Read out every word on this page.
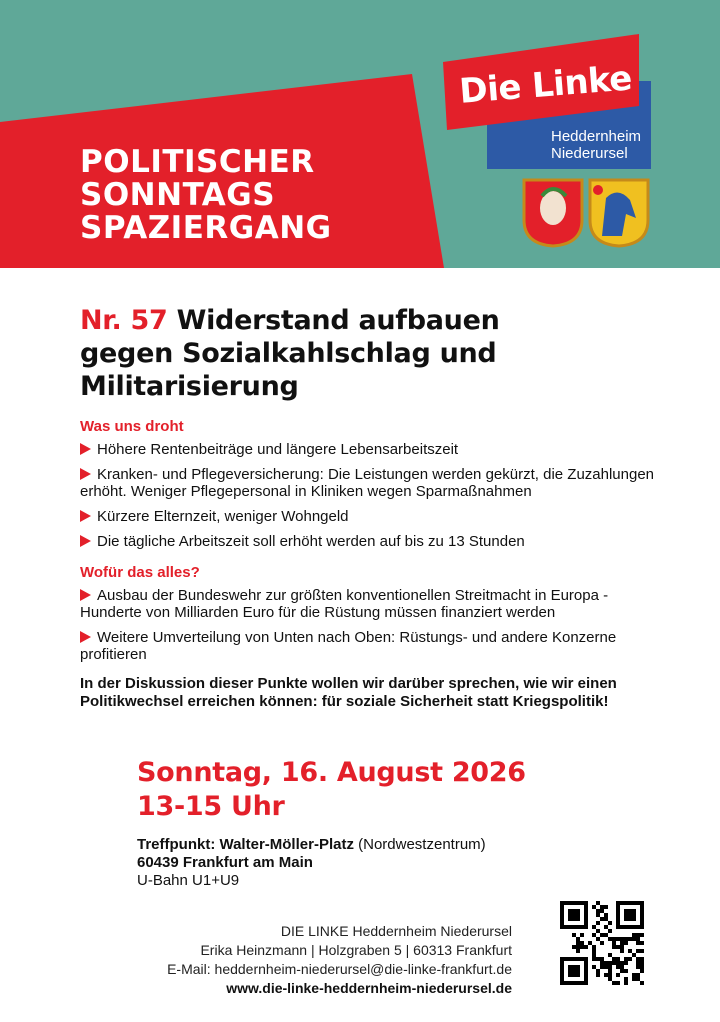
POLITISCHER
SONNTAGS
SPAZIERGANG
Heddernheim
Niederursel
Die Linke
Nr. 57 Widerstand aufbauen
gegen Sozialkahlschlag und
Militarisierung
Was uns droht
Höhere Rentenbeiträge und längere Lebensarbeitszeit
Kranken- und Pflegeversicherung: Die Leistungen werden gekürzt, die Zuzahlungen erhöht. Weniger Pflegepersonal in Kliniken wegen Sparmaßnahmen
Kürzere Elternzeit, weniger Wohngeld
Die tägliche Arbeitszeit soll erhöht werden auf bis zu 13 Stunden
Wofür das alles?
Ausbau der Bundeswehr zur größten konventionellen Streitmacht in Europa - Hunderte von Milliarden Euro für die Rüstung müssen finanziert werden
Weitere Umverteilung von Unten nach Oben: Rüstungs- und andere Konzerne profitieren
In der Diskussion dieser Punkte wollen wir darüber sprechen, wie wir einen Politikwechsel erreichen können: für soziale Sicherheit statt Kriegspolitik!
Sonntag, 16. August 2026
13-15 Uhr
Treffpunkt: Walter-Möller-Platz (Nordwestzentrum)
60439 Frankfurt am Main
U-Bahn U1+U9
DIE LINKE Heddernheim Niederursel
Erika Heinzmann | Holzgraben 5 | 60313 Frankfurt
E-Mail: heddernheim-niederursel@die-linke-frankfurt.de
www.die-linke-heddernheim-niederursel.de
